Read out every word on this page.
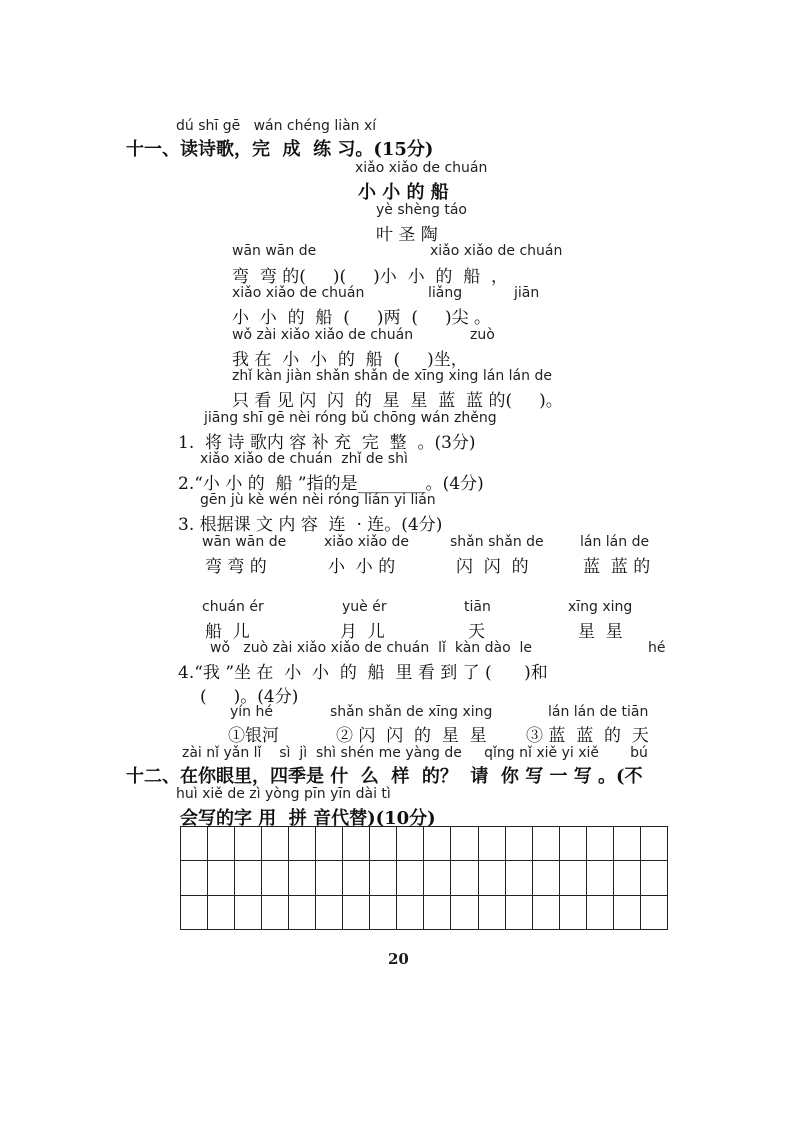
dú shī gē   wán chéng liàn xí
十一、读诗歌，完  成  练 习。(15分)
xiǎo xiǎo de chuán
小 小 的 船
yè shèng táo
叶 圣 陶
wān wān de	xiǎo xiǎo de chuán
弯  弯 的(     )(     )小  小  的  船  ，
xiǎo xiǎo de chuán	liǎng	jiān
小  小  的  船  (     )两  (     )尖 。
wǒ zài xiǎo xiǎo de chuán	zuò
我 在  小  小  的  船  (     )坐，
zhǐ kàn jiàn shǎn shǎn de xīng xing lán lán de
只 看 见 闪  闪  的  星  星  蓝  蓝 的(     )。
jiāng shī gē nèi róng bǔ chōng wán zhěng
1.  将 诗 歌内 容 补 充  完  整  。(3分)
xiǎo xiǎo de chuán  zhǐ de shì
2.“小 小 的  船 ”指的是________。(4分)
gēn jù kè wén nèi róng lián yi lián
3. 根据课 文 内 容  连  · 连。(4分)
wān wān de
弯 弯 的
xiǎo xiǎo de
小  小 的
shǎn shǎn de
闪  闪  的
lán lán de
蓝  蓝 的
chuán ér
船  儿
yuè ér
月  儿
tiān
天
xīng xing
星  星
wǒ   zuò zài xiǎo xiǎo de chuán  lǐ  kàn dào  le	hé
4.“我 ”坐 在  小  小  的  船  里 看 到 了 (      )和
(     )。(4分)
yín hé	shǎn shǎn de xīng xing	lán lán de tiān
①银河	② 闪  闪  的  星  星 ③ 蓝  蓝  的  天
zài nǐ yǎn lǐ    sì  jì  shì shén me yàng de     qǐng nǐ xiě yi xiě       bú
十二、在你眼里，四季是 什  么  样  的？  请  你 写 一 写 。(不
huì xiě de zì yòng pīn yīn dài tì
会写的字 用  拼 音代替)(10分)

20
